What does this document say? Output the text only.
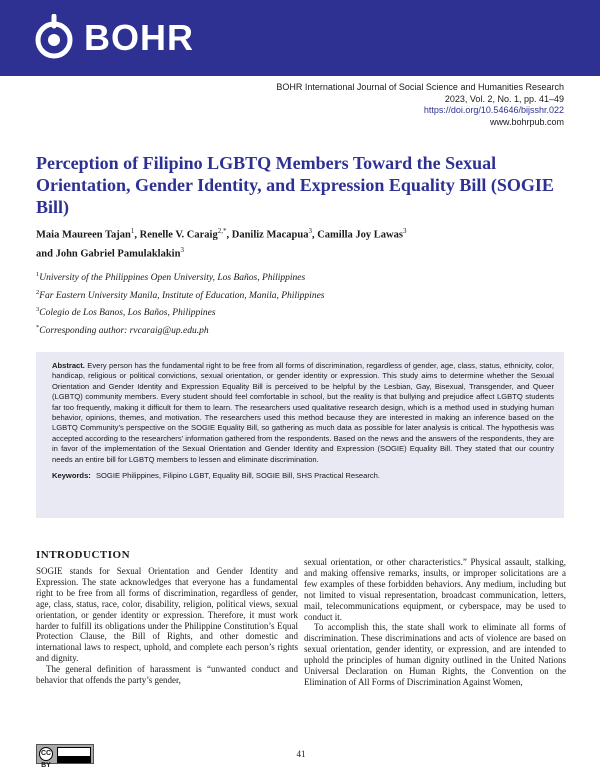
BOHR
BOHR International Journal of Social Science and Humanities Research
2023, Vol. 2, No. 1, pp. 41–49
https://doi.org/10.54646/bijsshr.022
www.bohrpub.com
Perception of Filipino LGBTQ Members Toward the Sexual Orientation, Gender Identity, and Expression Equality Bill (SOGIE Bill)
Maia Maureen Tajan$^1$, Renelle V. Caraig$^{2,*}$, Daniliz Macapua$^3$, Camilla Joy Lawas$^3$
and John Gabriel Pamulaklakin$^3$
$^1$University of the Philippines Open University, Los Baños, Philippines
$^2$Far Eastern University Manila, Institute of Education, Manila, Philippines
$^3$Colegio de Los Banos, Los Baños, Philippines
*Corresponding author: rvcaraig@up.edu.ph

Abstract. Every person has the fundamental right to be free from all forms of discrimination, regardless of gender, age, class, status, ethnicity, color, handicap, religious or political convictions, sexual orientation, or gender identity or expression. This study aims to determine whether the Sexual Orientation and Gender Identity and Expression Equality Bill is perceived to be helpful by the Lesbian, Gay, Bisexual, Transgender, and Queer (LGBTQ) community members. Every student should feel comfortable in school, but the reality is that bullying and prejudice affect LGBTQ students far too frequently, making it difficult for them to learn. The researchers used qualitative research design, which is a method used in studying human behavior, opinions, themes, and motivation. The researchers used this method because they are interested in making an inference based on the LGBTQ Community’s perspective on the SOGIE Equality Bill, so gathering as much data as possible for later analysis is critical. The hypothesis was accepted according to the researchers’ information gathered from the respondents. Based on the news and the answers of the respondents, they are in favor of the implementation of the Sexual Orientation and Gender Identity and Expression (SOGIE) Equality Bill. They stated that our country needs an entire bill for LGBTQ members to lessen and eliminate discrimination.

Keywords: SOGIE Philippines, Filipino LGBT, Equality Bill, SOGIE Bill, SHS Practical Research.

INTRODUCTION

SOGIE stands for Sexual Orientation and Gender Identity and Expression. The state acknowledges that everyone has a fundamental right to be free from all forms of discrimination, regardless of gender, age, class, status, race, color, disability, religion, political views, sexual orientation, or gender identity or expression. Therefore, it must work harder to fulfill its obligations under the Philippine Constitution’s Equal Protection Clause, the Bill of Rights, and other domestic and international laws to respect, uphold, and complete each person’s rights and dignity.

The general definition of harassment is “unwanted conduct and behavior that offends the party’s gender,

sexual orientation, or other characteristics.” Physical assault, stalking, and making offensive remarks, insults, or improper solicitations are a few examples of these forbidden behaviors. Any medium, including but not limited to visual representation, broadcast communication, letters, mail, telecommunications equipment, or cyberspace, may be used to conduct it.

To accomplish this, the state shall work to eliminate all forms of discrimination. These discriminations and acts of violence are based on sexual orientation, gender identity, or expression, and are intended to uphold the principles of human dignity outlined in the United Nations Universal Declaration on Human Rights, the Convention on the Elimination of All Forms of Discrimination Against Women,

CC BY
41
